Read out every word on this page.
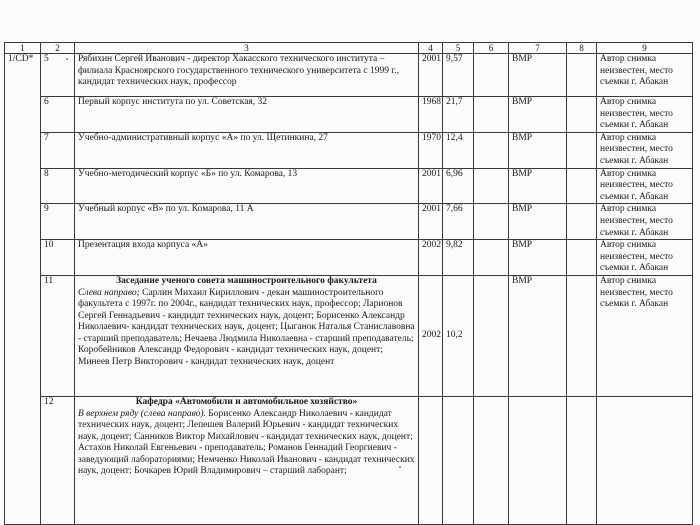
1	2	3	4	5	6	7	8	9
1/CD*	5	Рябихин Сергей Иванович - директор Хакасского технического института – филиала Красноярского государственного технического университета с 1999 г., кандидат технических наук, профессор	2001	9,57		ВМР		Автор снимка неизвестен, место съемки г. Абакан
	6	Первый корпус института по ул. Советская, 32	1968	21,7		ВМР		Автор снимка неизвестен, место съемки г. Абакан
	7	Учебно-административный корпус «А» по ул. Щетинкина, 27	1970	12,4		ВМР		Автор снимка неизвестен, место съемки г. Абакан
	8	Учебно-методический корпус «Б» по ул. Комарова, 13	2001	6,96		ВМР		Автор снимка неизвестен, место съемки г. Абакан
	9	Учебный корпус «В» по ул. Комарова, 11 А	2001	7,66		ВМР		Автор снимка неизвестен, место съемки г. Абакан
	10	Презентация входа корпуса «А»	2002	9,82		ВМР		Автор снимка неизвестен, место съемки г. Абакан
	11	Заседание ученого совета машиностроительного факультета
Слева направо; Сарлин Михаил Кириллович - декан машиностроительного факультета с 1997г. по 2004г., кандидат технических наук, профессор; Ларионов Сергей Геннадьевич - кандидат технических наук, доцент; Борисенко Александр Николаевич- кандидат технических наук, доцент; Цыганок Наталья Станиславовна - старший преподаватель; Нечаева Людмила Николаевна - старший преподаватель; Коробейников Александр Федорович - кандидат технических наук, доцент; Минеев Петр Викторович - кандидат технических наук, доцент	2002	10,2		ВМР		Автор снимка неизвестен, место съемки г. Абакан
	12	Кафедра «Автомобили и автомобильное хозяйство»
В верхнем ряду (слева направо). Борисенко Александр Николаевич - кандидат технических наук, доцент; Лепешев Валерий Юрьевич - кандидат технических наук, доцент; Санников Виктор Михайлович - кандидат технических наук, доцент; Астахов Николай Евгеньевич - преподаватель; Романов Геннадий Георгиевич - заведующий лабораториями; Немченко Николай Иванович - кандидат технических наук, доцент; Бочкарев Юрий Владимирович – старший лаборант;						
